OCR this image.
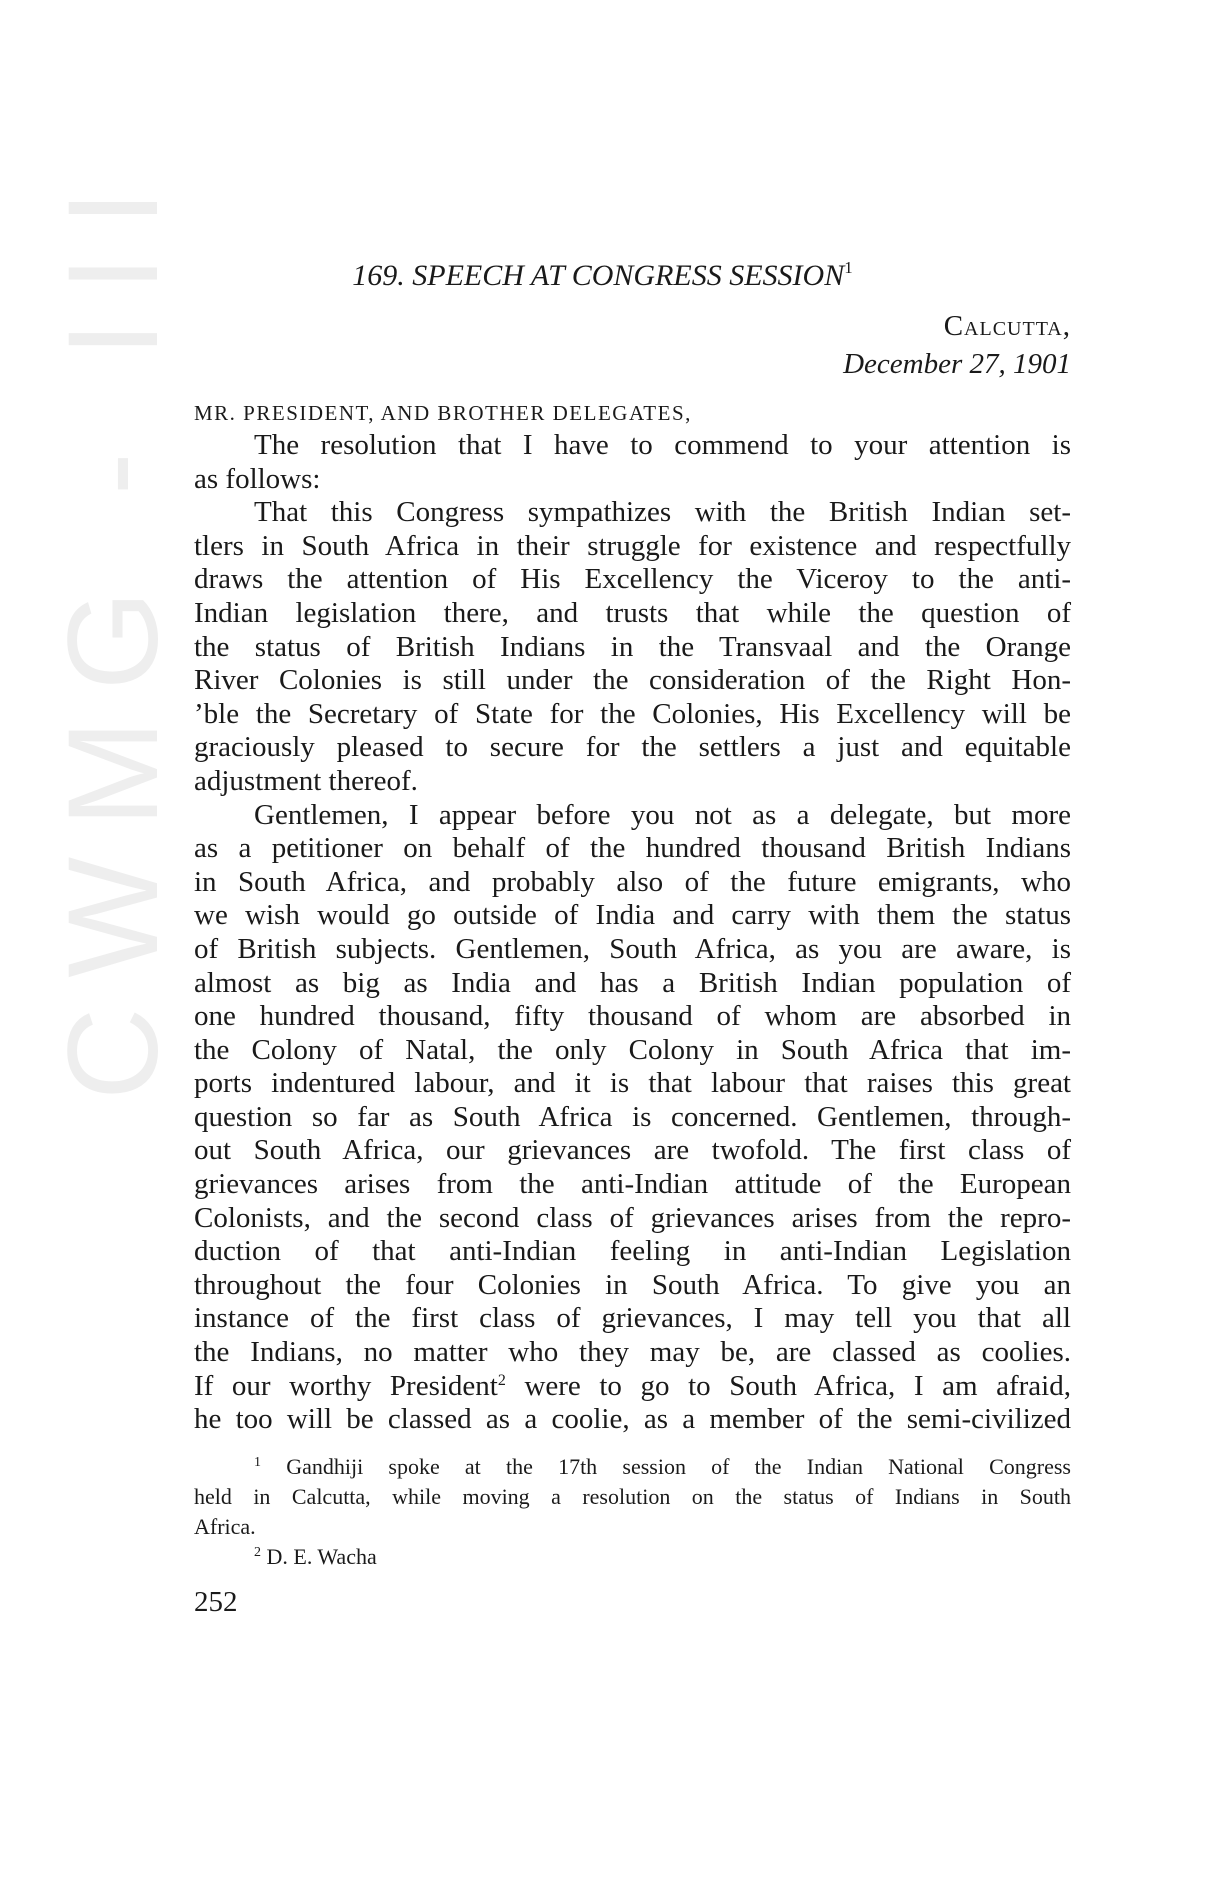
CWMG - III	169. SPEECH AT CONGRESS SESSION$^1$
Calcutta,
December 27, 1901
MR. PRESIDENT, AND BROTHER DELEGATES,
The resolution that I have to commend to your attention is
as follows:
That this Congress sympathizes with the British Indian set-
tlers in South Africa in their struggle for existence and respectfully
draws the attention of His Excellency the Viceroy to the anti-
Indian legislation there, and trusts that while the question of
the status of British Indians in the Transvaal and the Orange
River Colonies is still under the consideration of the Right Hon-
’ble the Secretary of State for the Colonies, His Excellency will be
graciously pleased to secure for the settlers a just and equitable
adjustment thereof.
Gentlemen, I appear before you not as a delegate, but more
as a petitioner on behalf of the hundred thousand British Indians
in South Africa, and probably also of the future emigrants, who
we wish would go outside of India and carry with them the status
of British subjects. Gentlemen, South Africa, as you are aware, is
almost as big as India and has a British Indian population of
one hundred thousand, fifty thousand of whom are absorbed in
the Colony of Natal, the only Colony in South Africa that im-
ports indentured labour, and it is that labour that raises this great
question so far as South Africa is concerned. Gentlemen, through-
out South Africa, our grievances are twofold. The first class of
grievances arises from the anti-Indian attitude of the European
Colonists, and the second class of grievances arises from the repro-
duction of that anti-Indian feeling in anti-Indian Legislation
throughout the four Colonies in South Africa. To give you an
instance of the first class of grievances, I may tell you that all
the Indians, no matter who they may be, are classed as coolies.
If our worthy President$^2$ were to go to South Africa, I am afraid,
he too will be classed as a coolie, as a member of the semi-civilized
$^1$ Gandhiji spoke at the 17th session of the Indian National Congress
held in Calcutta, while moving a resolution on the status of Indians in South
Africa.
$^2$ D. E. Wacha
252
